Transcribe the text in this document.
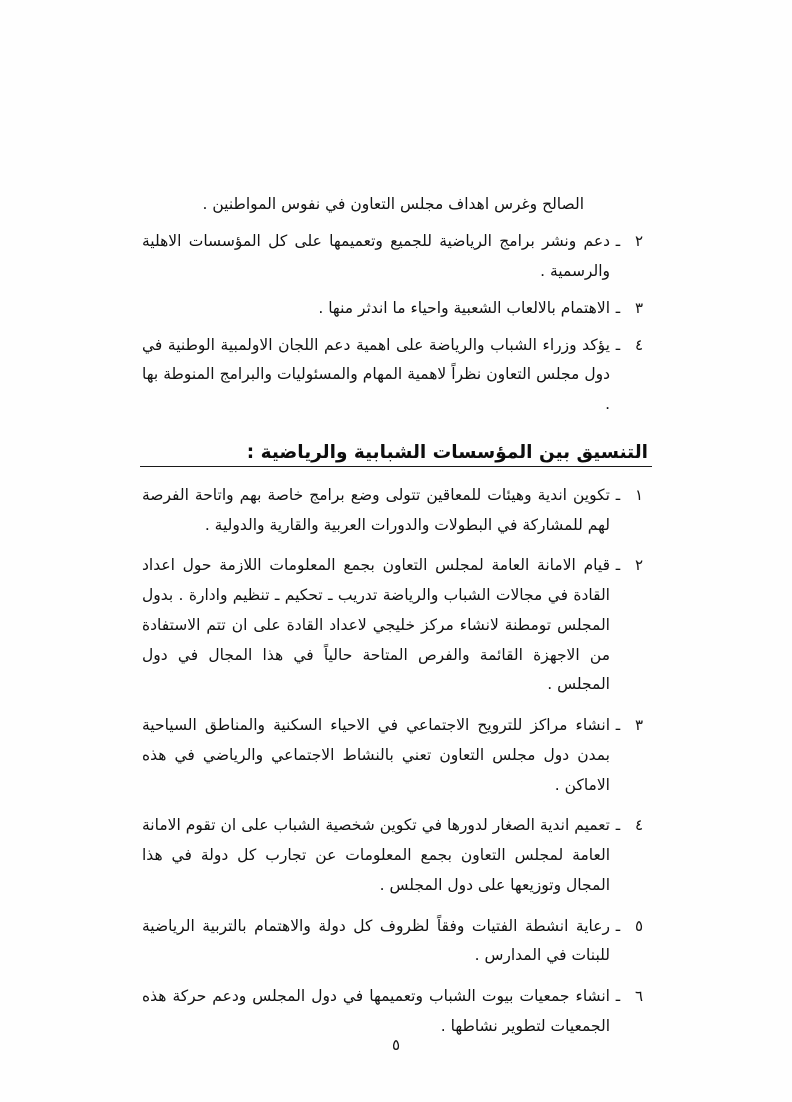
الصالح وغرس اهداف مجلس التعاون في نفوس المواطنين .
٢
ـ
دعم ونشر برامج الرياضية للجميع وتعميمها على كل المؤسسات الاهلية والرسمية .
٣
ـ
الاهتمام بالالعاب الشعبية واحياء ما اندثر منها .
٤
ـ
يؤكد وزراء الشباب والرياضة على اهمية دعم اللجان الاولمبية الوطنية في دول مجلس التعاون نظراً لاهمية المهام والمسئوليات والبرامج المنوطة بها .
التنسيق بين المؤسسات الشبابية والرياضية :
١
ـ
تكوين اندية وهيئات للمعاقين تتولى وضع برامج خاصة بهم واتاحة الفرصة لهم للمشاركة في البطولات والدورات العربية والقارية والدولية .
٢
ـ
قيام الامانة العامة لمجلس التعاون بجمع المعلومات اللازمة حول اعداد القادة في مجالات الشباب والرياضة تدريب ـ تحكيم ـ تنظيم وادارة . بدول المجلس تومطنة لانشاء مركز خليجي لاعداد القادة على ان تتم الاستفادة من الاجهزة القائمة والفرص المتاحة حالياً في هذا المجال في دول المجلس .
٣
ـ
انشاء مراكز للترويح الاجتماعي في الاحياء السكنية والمناطق السياحية بمدن دول مجلس التعاون تعني بالنشاط الاجتماعي والرياضي في هذه الاماكن .
٤
ـ
تعميم اندية الصغار لدورها في تكوين شخصية الشباب على ان تقوم الامانة العامة لمجلس التعاون بجمع المعلومات عن تجارب كل دولة في هذا المجال وتوزيعها على دول المجلس .
٥
ـ
رعاية انشطة الفتيات وفقاً لظروف كل دولة والاهتمام بالتربية الرياضية للبنات في المدارس .
٦
ـ
انشاء جمعيات بيوت الشباب وتعميمها في دول المجلس ودعم حركة هذه الجمعيات لتطوير نشاطها .
٥
